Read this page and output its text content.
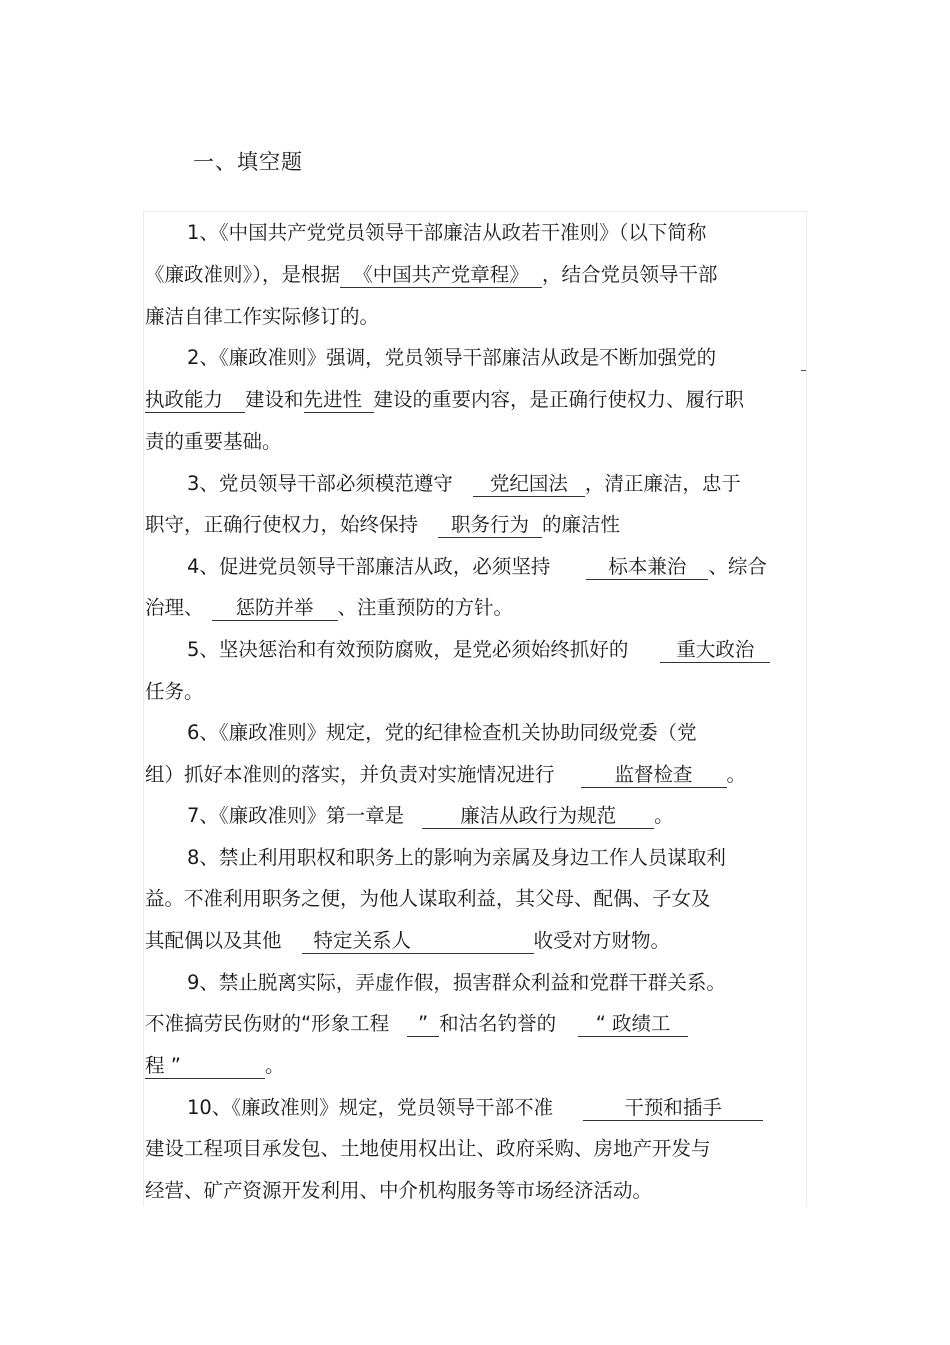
一、填空题
1、《中国共产党党员领导干部廉洁从政若干准则》（以下简称
《廉政准则》），是根据 《中国共产党章程》 ，结合党员领导干部
廉洁自律工作实际修订的。
2、《廉政准则》强调，党员领导干部廉洁从政是不断加强党的
执政能力 建设和先进性 建设的重要内容，是正确行使权力、履行职
责的重要基础。
3、党员领导干部必须模范遵守 党纪国法 ，清正廉洁，忠于
职守，正确行使权力，始终保持 职务行为 的廉洁性
4、促进党员领导干部廉洁从政，必须坚持	标本兼治 、综合
治理、 惩防并举 、注重预防的方针。
5、坚决惩治和有效预防腐败，是党必须始终抓好的 重大政治
任务。
6、《廉政准则》规定，党的纪律检查机关协助同级党委（党
组）抓好本准则的落实，并负责对实施情况进行	监督检查 。
7、《廉政准则》第一章是	廉洁从政行为规范 。
8、禁止利用职权和职务上的影响为亲属及身边工作人员谋取利
益。不准利用职务之便，为他人谋取利益，其父母、配偶、子女及
其配偶以及其他 特定关系人	收受对方财物。
9、禁止脱离实际，弄虚作假，损害群众利益和党群干群关系。
不准搞劳民伤财的“形象工程 ” 和沽名钓誉的 “ 政绩工
程 ”	。
10、《廉政准则》规定，党员领导干部不准	干预和插手
建设工程项目承发包、土地使用权出让、政府采购、房地产开发与
经营、矿产资源开发利用、中介机构服务等市场经济活动。
